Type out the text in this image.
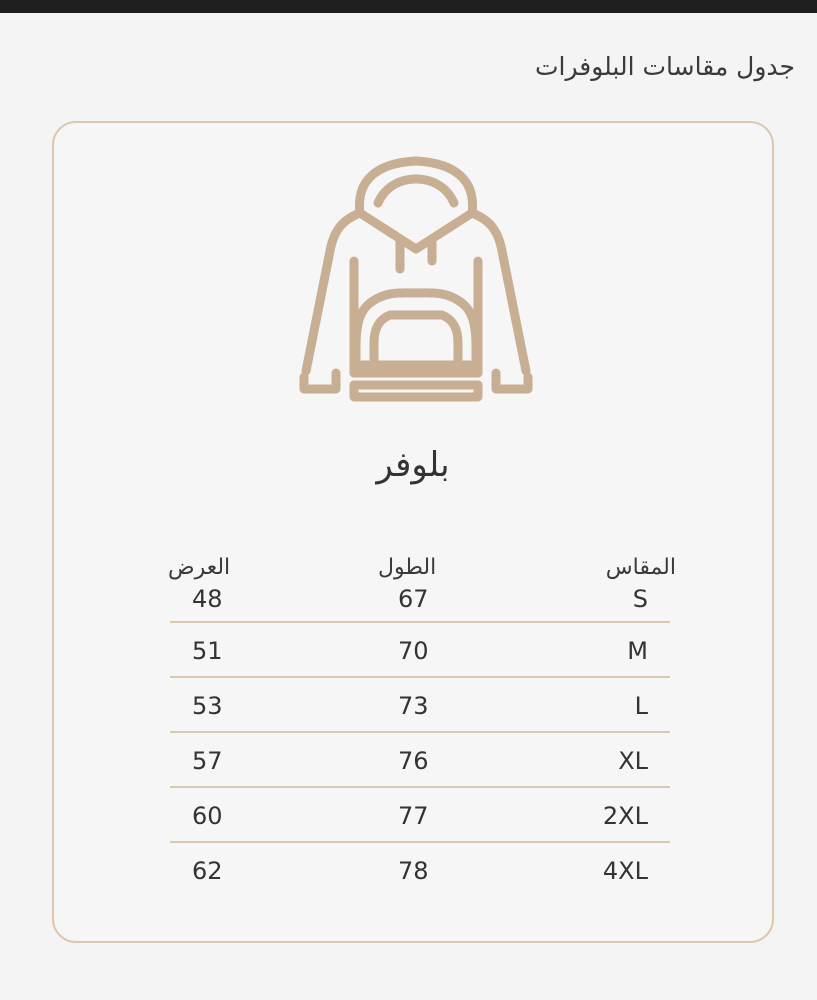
جدول مقاسات البلوفرات
بلوفر
العرض	الطول	المقاس
48	67	S
51	70	M
53	73	L
57	76	XL
60	77	2XL
62	78	4XL
